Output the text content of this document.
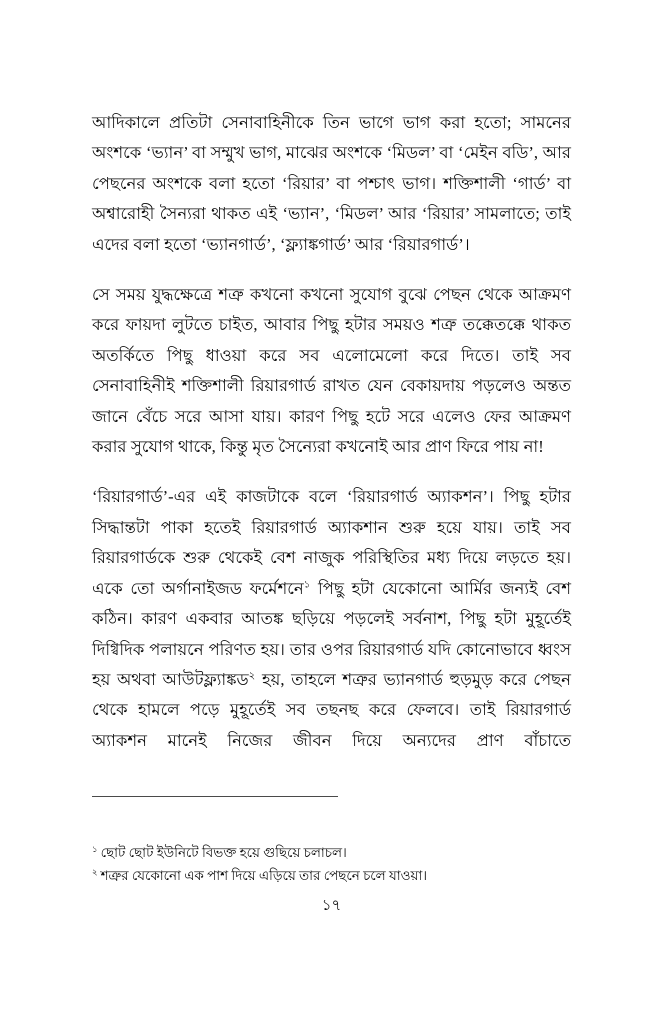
আদিকালে প্রতিটা সেনাবাহিনীকে তিন ভাগে ভাগ করা হতো; সামনের অংশকে ‘ভ্যান’ বা সম্মুখ ভাগ, মাঝের অংশকে ‘মিডল’ বা ‘মেইন বডি’, আর পেছনের অংশকে বলা হতো ‘রিয়ার’ বা পশ্চাৎ ভাগ। শক্তিশালী ‘গার্ড’ বা অশ্বারোহী সৈন্যরা থাকত এই ‘ভ্যান’, ‘মিডল’ আর ‘রিয়ার’ সামলাতে; তাই এদের বলা হতো ‘ভ্যানগার্ড’, ‘ফ্ল্যাঙ্কগার্ড’ আর ‘রিয়ারগার্ড’।

সে সময় যুদ্ধক্ষেত্রে শত্রু কখনো কখনো সুযোগ বুঝে পেছন থেকে আক্রমণ করে ফায়দা লুটতে চাইত, আবার পিছু হটার সময়ও শত্রু তক্কেতক্কে থাকত অতর্কিতে পিছু ধাওয়া করে সব এলোমেলো করে দিতে। তাই সব সেনাবাহিনীই শক্তিশালী রিয়ারগার্ড রাখত যেন বেকায়দায় পড়লেও অন্তত জানে বেঁচে সরে আসা যায়। কারণ পিছু হটে সরে এলেও ফের আক্রমণ করার সুযোগ থাকে, কিন্তু মৃত সৈন্যেরা কখনোই আর প্রাণ ফিরে পায় না!

‘রিয়ারগার্ড’-এর এই কাজটাকে বলে ‘রিয়ারগার্ড অ্যাকশন’। পিছু হটার সিদ্ধান্তটা পাকা হতেই রিয়ারগার্ড অ্যাকশান শুরু হয়ে যায়। তাই সব রিয়ারগার্ডকে শুরু থেকেই বেশ নাজুক পরিস্থিতির মধ্য দিয়ে লড়তে হয়। একে তো অর্গানাইজড ফর্মেশনে$^১$ পিছু হটা যেকোনো আর্মির জন্যই বেশ কঠিন। কারণ একবার আতঙ্ক ছড়িয়ে পড়লেই সর্বনাশ, পিছু হটা মুহূর্তেই দিগ্বিদিক পলায়নে পরিণত হয়। তার ওপর রিয়ারগার্ড যদি কোনোভাবে ধ্বংস হয় অথবা আউটফ্ল্যাঙ্কড$^২$ হয়, তাহলে শত্রুর ভ্যানগার্ড হুড়মুড় করে পেছন থেকে হামলে পড়ে মুহূর্তেই সব তছনছ করে ফেলবে। তাই রিয়ারগার্ড অ্যাকশন মানেই নিজের জীবন দিয়ে অন্যদের প্রাণ বাঁচাতে

$^১$ ছোট ছোট ইউনিটে বিভক্ত হয়ে গুছিয়ে চলাচল।

$^২$ শত্রুর যেকোনো এক পাশ দিয়ে এড়িয়ে তার পেছনে চলে যাওয়া।

১৭
